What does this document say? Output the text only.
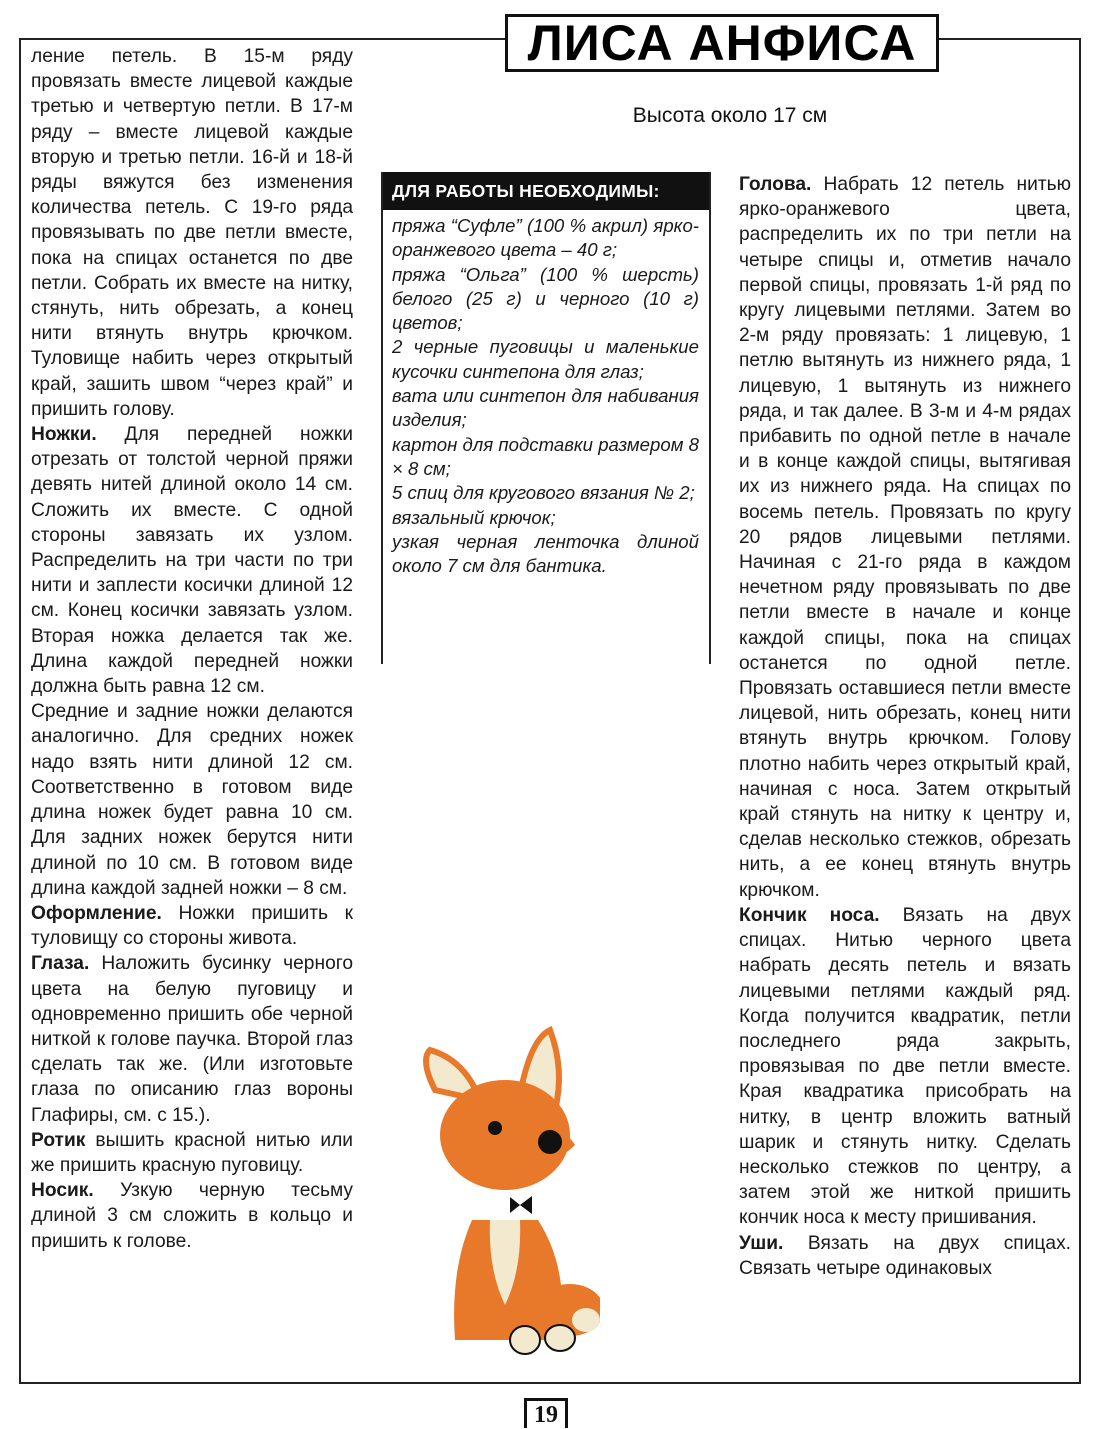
ЛИСА АНФИСА
Высота около 17 см

ление петель. В 15-м ряду провязать вместе лицевой каждые третью и четвертую петли. В 17-м ряду – вместе лицевой каждые вторую и третью петли. 16-й и 18-й ряды вяжутся без изменения количества петель. С 19-го ряда провязывать по две петли вместе, пока на спицах останется по две петли. Собрать их вместе на нитку, стянуть, нить обрезать, а конец нити втянуть внутрь крючком. Туловище набить через открытый край, зашить швом “через край” и пришить голову.

Ножки. Для передней ножки отрезать от толстой черной пряжи девять нитей длиной около 14 см. Сложить их вместе. С одной стороны завязать их узлом. Распределить на три части по три нити и заплести косички длиной 12 см. Конец косички завязать узлом. Вторая ножка делается так же. Длина каждой передней ножки должна быть равна 12 см.

Средние и задние ножки делаются аналогично. Для средних ножек надо взять нити длиной 12 см. Соответственно в готовом виде длина ножек будет равна 10 см. Для задних ножек берутся нити длиной по 10 см. В готовом виде длина каждой задней ножки – 8 см.

Оформление. Ножки пришить к туловищу со стороны живота.

Глаза. Наложить бусинку черного цвета на белую пуговицу и одновременно пришить обе черной ниткой к голове паучка. Второй глаз сделать так же. (Или изготовьте глаза по описанию глаз вороны Глафиры, см. с 15.).

Ротик вышить красной нитью или же пришить красную пуговицу.

Носик. Узкую черную тесьму длиной 3 см сложить в кольцо и пришить к голове.

ДЛЯ РАБОТЫ НЕОБХОДИМЫ:
пряжа “Суфле” (100 % акрил) ярко-оранжевого цвета – 40 г;
пряжа “Ольга” (100 % шерсть) белого (25 г) и черного (10 г) цветов;
2 черные пуговицы и маленькие кусочки синтепона для глаз;
вата или синтепон для набивания изделия;
картон для подставки размером 8 × 8 см;
5 спиц для кругового вязания № 2;
вязальный крючок;
узкая черная ленточка длиной около 7 см для бантика.

Голова. Набрать 12 петель нитью ярко-оранжевого цвета, распределить их по три петли на четыре спицы и, отметив начало первой спицы, провязать 1-й ряд по кругу лицевыми петлями. Затем во 2-м ряду провязать: 1 лицевую, 1 петлю вытянуть из нижнего ряда, 1 лицевую, 1 вытянуть из нижнего ряда, и так далее. В 3-м и 4-м рядах прибавить по одной петле в начале и в конце каждой спицы, вытягивая их из нижнего ряда. На спицах по восемь петель. Провязать по кругу 20 рядов лицевыми петлями. Начиная с 21-го ряда в каждом нечетном ряду провязывать по две петли вместе в начале и конце каждой спицы, пока на спицах останется по одной петле. Провязать оставшиеся петли вместе лицевой, нить обрезать, конец нити втянуть внутрь крючком. Голову плотно набить через открытый край, начиная с носа. Затем открытый край стянуть на нитку к центру и, сделав несколько стежков, обрезать нить, а ее конец втянуть внутрь крючком.

Кончик носа. Вязать на двух спицах. Нитью черного цвета набрать десять петель и вязать лицевыми петлями каждый ряд. Когда получится квадратик, петли последнего ряда закрыть, провязывая по две петли вместе. Края квадратика присобрать на нитку, в центр вложить ватный шарик и стянуть нитку. Сделать несколько стежков по центру, а затем этой же ниткой пришить кончик носа к месту пришивания.

Уши. Вязать на двух спицах. Связать четыре одинаковых

19
